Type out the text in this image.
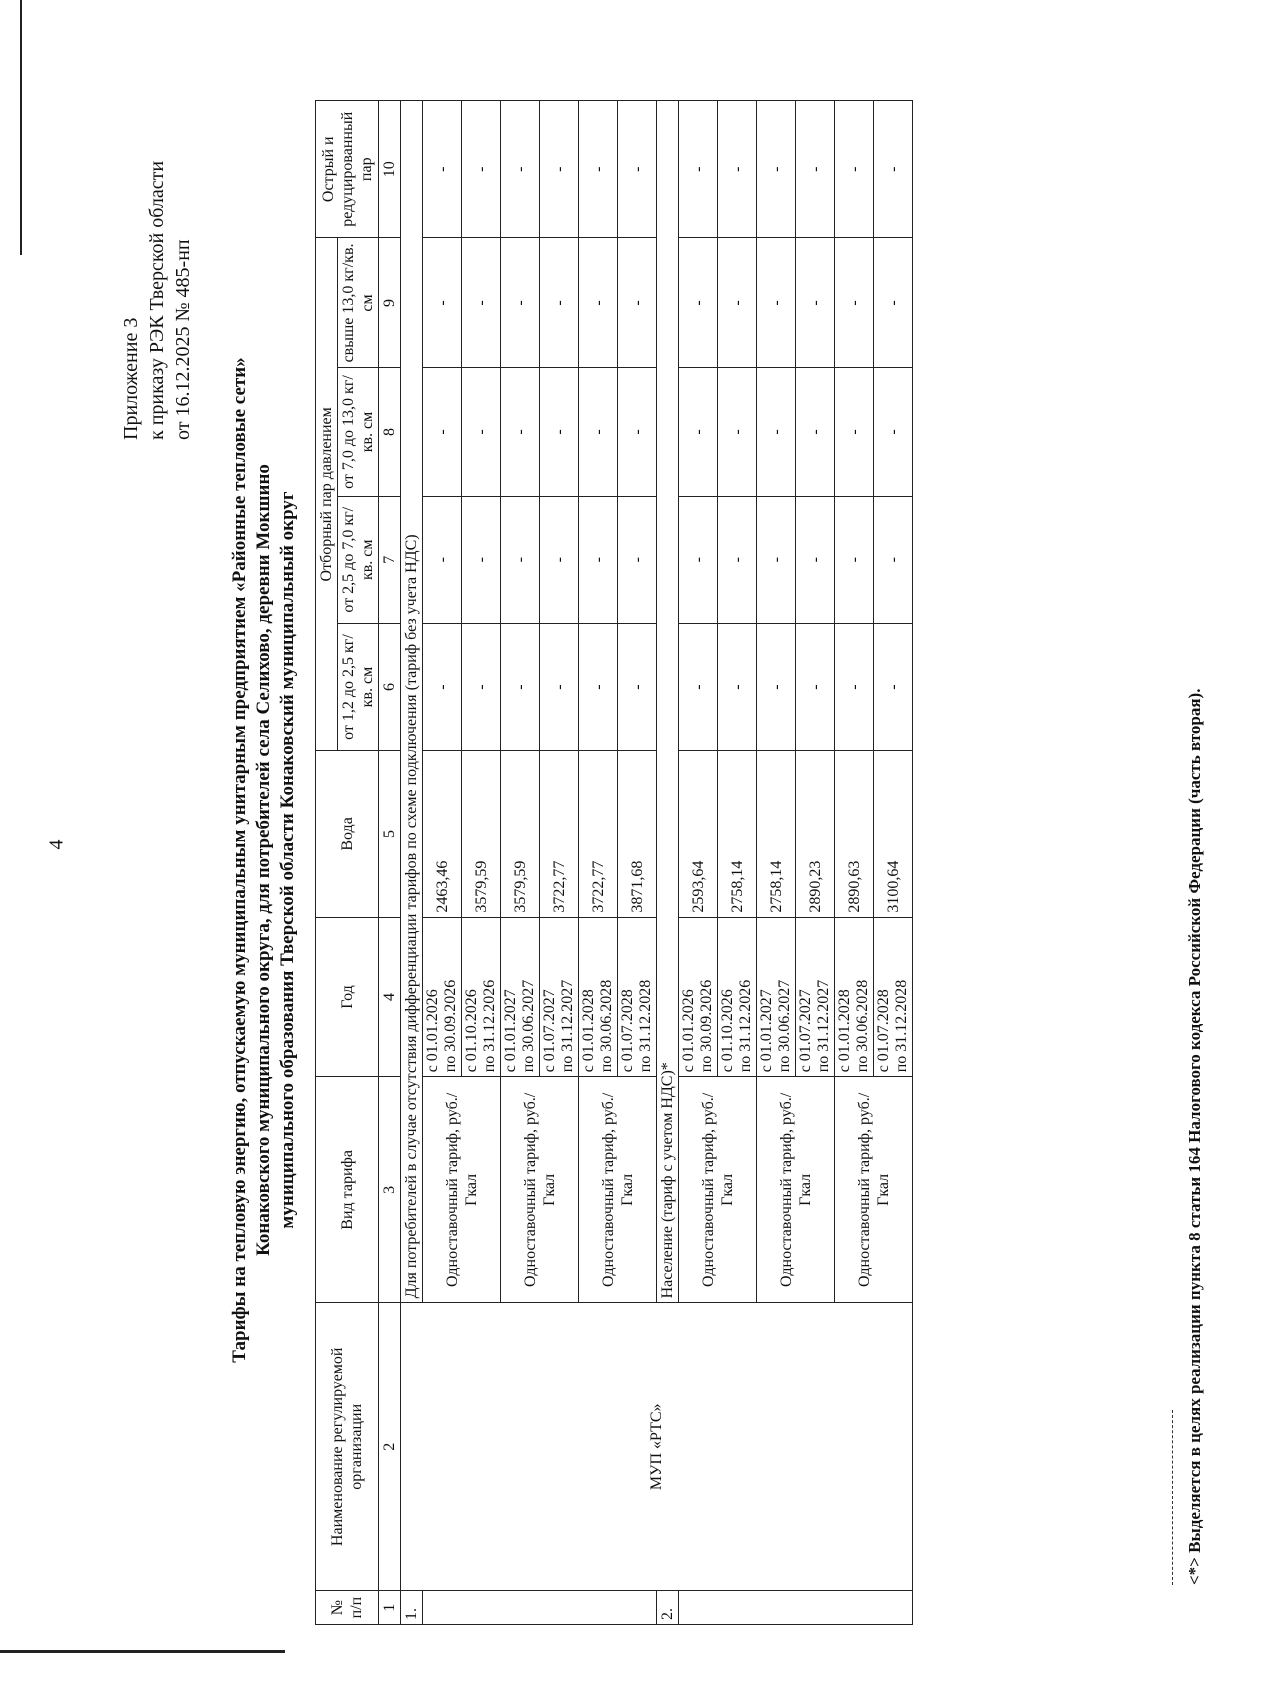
4
Приложение 3 к приказу РЭК Тверской области от 16.12.2025 № 485-нп
Тарифы на тепловую энергию, отпускаемую муниципальным унитарным предприятием «Районные тепловые сети» Конаковского муниципального округа, для потребителей села Селихово, деревни Мокшино муниципального образования Тверской области Конаковский муниципальный округ
№ п/п	Наименование регулируемой организации	Вид тарифа	Год	Вода	Отборный пар давлением				Острый и редуцированный пар
					от 1,2 до 2,5 кг/кв. см	от 2,5 до 7,0 кг/кв. см	от 7,0 до 13,0 кг/кв. см	свыше 13,0 кг/кв. см	
1	2	3	4	5	6	7	8	9	10
1.	МУП «РТС»	Для потребителей в случае отсутствия дифференциации тарифов по схеме подключения (тариф без учета НДС)							
		Одноставочный тариф, руб./Гкал	с 01.01.2026
по 30.09.2026	2463,46	-	-	-	-	-
			с 01.10.2026
по 31.12.2026	3579,59	-	-	-	-	-
		Одноставочный тариф, руб./Гкал	с 01.01.2027
по 30.06.2027	3579,59	-	-	-	-	-
			с 01.07.2027
по 31.12.2027	3722,77	-	-	-	-	-
		Одноставочный тариф, руб./Гкал	с 01.01.2028
по 30.06.2028	3722,77	-	-	-	-	-
			с 01.07.2028
по 31.12.2028	3871,68	-	-	-	-	-
2.		Население (тариф с учетом НДС)*							
		Одноставочный тариф, руб./Гкал	с 01.01.2026
по 30.09.2026	2593,64	-	-	-	-	-
			с 01.10.2026
по 31.12.2026	2758,14	-	-	-	-	-
		Одноставочный тариф, руб./Гкал	с 01.01.2027
по 30.06.2027	2758,14	-	-	-	-	-
			с 01.07.2027
по 31.12.2027	2890,23	-	-	-	-	-
		Одноставочный тариф, руб./Гкал	с 01.01.2028
по 30.06.2028	2890,63	-	-	-	-	-
			с 01.07.2028
по 31.12.2028	3100,64	-	-	-	-	-
<*> Выделяется в целях реализации пункта 8 статьи 164 Налогового кодекса Российской Федерации (часть вторая).
